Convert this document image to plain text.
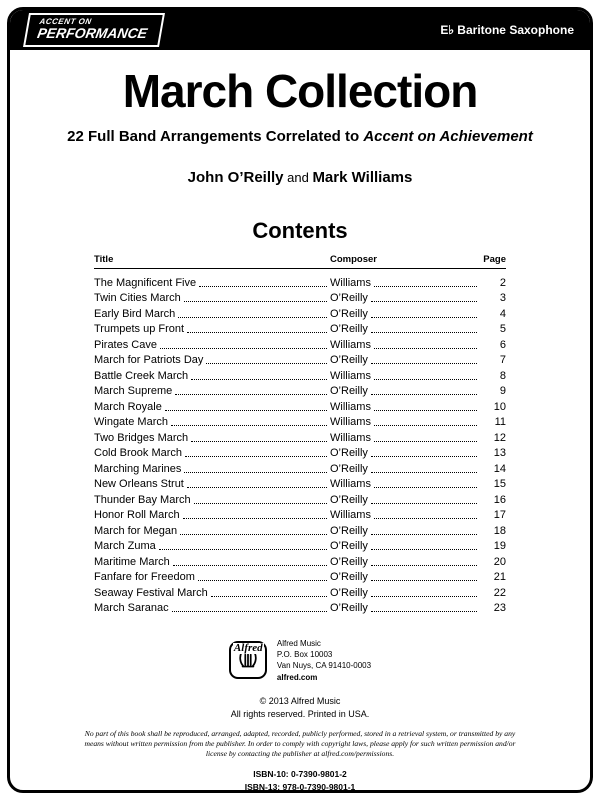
ACCENT ON
PERFORMANCE	E♭ Baritone Saxophone
March Collection
22 Full Band Arrangements Correlated to Accent on Achievement
John O’Reilly and Mark Williams
Contents
Title	Composer	Page
The Magnificent Five	Williams	2
Twin Cities March	O’Reilly	3
Early Bird March	O’Reilly	4
Trumpets up Front	O’Reilly	5
Pirates Cave	Williams	6
March for Patriots Day	O’Reilly	7
Battle Creek March	Williams	8
March Supreme	O’Reilly	9
March Royale	Williams	10
Wingate March	Williams	11
Two Bridges March	Williams	12
Cold Brook March	O’Reilly	13
Marching Marines	O’Reilly	14
New Orleans Strut	Williams	15
Thunder Bay March	O’Reilly	16
Honor Roll March	Williams	17
March for Megan	O’Reilly	18
March Zuma	O’Reilly	19
Maritime March	O’Reilly	20
Fanfare for Freedom	O’Reilly	21
Seaway Festival March	O’Reilly	22
March Saranac	O’Reilly	23
Alfred Alfred Music
P.O. Box 10003
Van Nuys, CA 91410-0003
alfred.com
© 2013 Alfred Music
All rights reserved. Printed in USA.
No part of this book shall be reproduced, arranged, adapted, recorded, publicly performed, stored in a retrieval system, or transmitted by any means without written permission from the publisher. In order to comply with copyright laws, please apply for such written permission and/or license by contacting the publisher at alfred.com/permissions.
ISBN-10: 0-7390-9801-2
ISBN-13: 978-0-7390-9801-1
